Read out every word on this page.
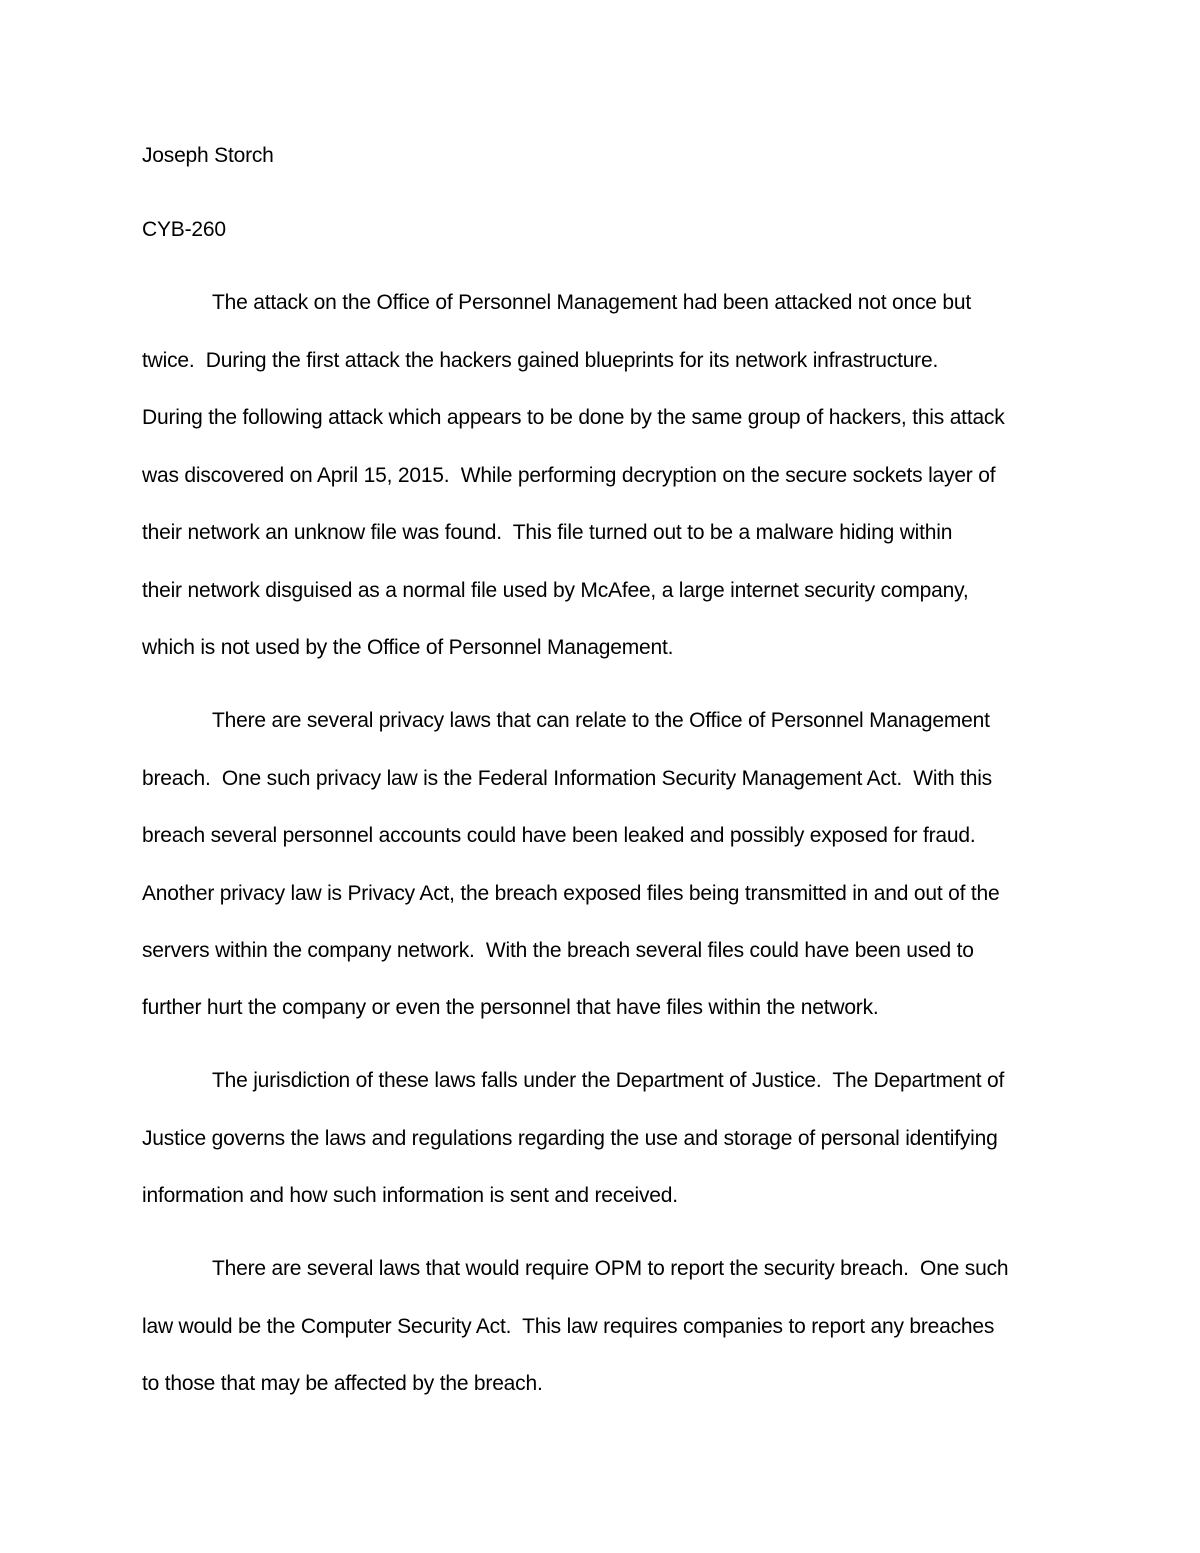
Joseph Storch
CYB-260
The attack on the Office of Personnel Management had been attacked not once but
twice.  During the first attack the hackers gained blueprints for its network infrastructure.
During the following attack which appears to be done by the same group of hackers, this attack
was discovered on April 15, 2015.  While performing decryption on the secure sockets layer of
their network an unknow file was found.  This file turned out to be a malware hiding within
their network disguised as a normal file used by McAfee, a large internet security company,
which is not used by the Office of Personnel Management.
There are several privacy laws that can relate to the Office of Personnel Management
breach.  One such privacy law is the Federal Information Security Management Act.  With this
breach several personnel accounts could have been leaked and possibly exposed for fraud.
Another privacy law is Privacy Act, the breach exposed files being transmitted in and out of the
servers within the company network.  With the breach several files could have been used to
further hurt the company or even the personnel that have files within the network.
The jurisdiction of these laws falls under the Department of Justice.  The Department of
Justice governs the laws and regulations regarding the use and storage of personal identifying
information and how such information is sent and received.
There are several laws that would require OPM to report the security breach.  One such
law would be the Computer Security Act.  This law requires companies to report any breaches
to those that may be affected by the breach.
